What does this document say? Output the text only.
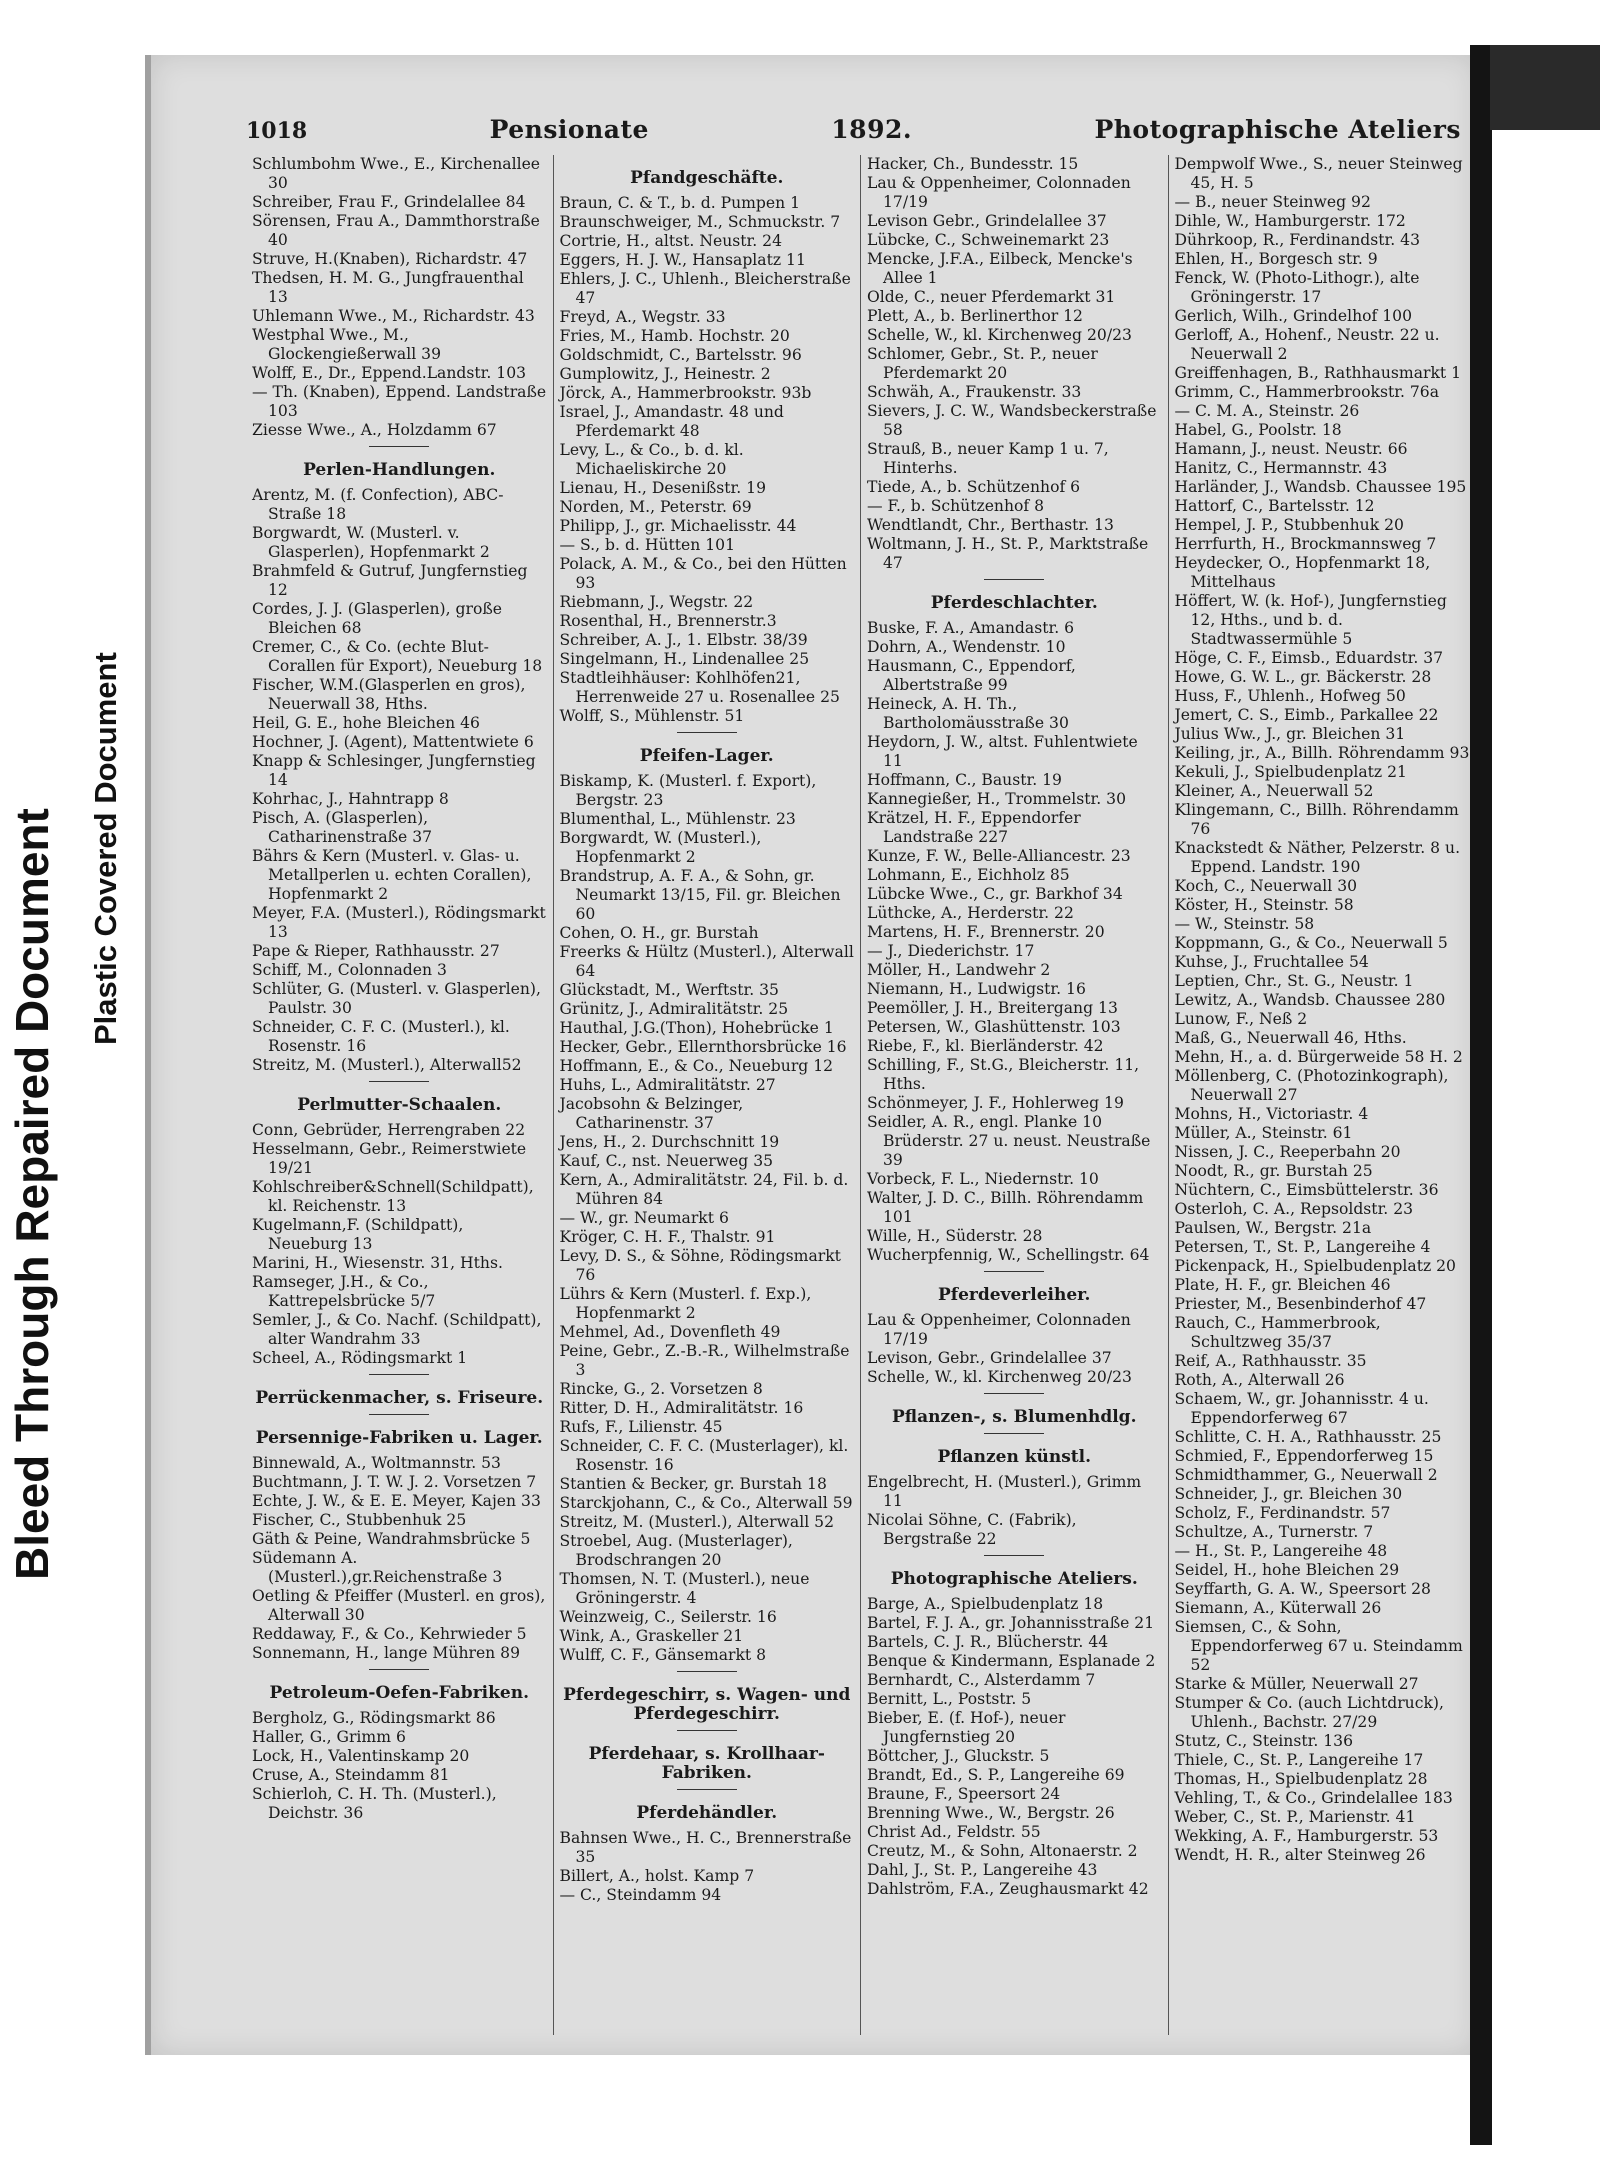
Bleed Through Repaired Document Plastic Covered Document
1018	Pensionate	1892.	Photographische Ateliers

Schlumbohm Wwe., E., Kirchenallee 30

Schreiber, Frau F., Grindelallee 84

Sörensen, Frau A., Dammthorstraße 40

Struve, H.(Knaben), Richardstr. 47

Thedsen, H. M. G., Jungfrauenthal 13

Uhlemann Wwe., M., Richardstr. 43

Westphal Wwe., M., Glockengießerwall 39

Wolff, E., Dr., Eppend.Landstr. 103

— Th. (Knaben), Eppend. Landstraße 103

Ziesse Wwe., A., Holzdamm 67

Perlen-Handlungen.

Arentz, M. (f. Confection), ABC-Straße 18

Borgwardt, W. (Musterl. v. Glasperlen), Hopfenmarkt 2

Brahmfeld & Gutruf, Jungfernstieg 12

Cordes, J. J. (Glasperlen), große Bleichen 68

Cremer, C., & Co. (echte Blut-Corallen für Export), Neueburg 18

Fischer, W.M.(Glasperlen en gros), Neuerwall 38, Hths.

Heil, G. E., hohe Bleichen 46

Hochner, J. (Agent), Mattentwiete 6

Knapp & Schlesinger, Jungfernstieg 14

Kohrhac, J., Hahntrapp 8

Pisch, A. (Glasperlen), Catharinenstraße 37

Bährs & Kern (Musterl. v. Glas- u. Metallperlen u. echten Corallen), Hopfenmarkt 2

Meyer, F.A. (Musterl.), Rödingsmarkt 13

Pape & Rieper, Rathhausstr. 27

Schiff, M., Colonnaden 3

Schlüter, G. (Musterl. v. Glasperlen), Paulstr. 30

Schneider, C. F. C. (Musterl.), kl. Rosenstr. 16

Streitz, M. (Musterl.), Alterwall52

Perlmutter-Schaalen.

Conn, Gebrüder, Herrengraben 22

Hesselmann, Gebr., Reimerstwiete 19/21

Kohlschreiber&Schnell(Schildpatt), kl. Reichenstr. 13

Kugelmann,F. (Schildpatt), Neueburg 13

Marini, H., Wiesenstr. 31, Hths.

Ramseger, J.H., & Co., Kattrepelsbrücke 5/7

Semler, J., & Co. Nachf. (Schildpatt), alter Wandrahm 33

Scheel, A., Rödingsmarkt 1

Perrückenmacher, s. Friseure.
Persennige-Fabriken u. Lager.

Binnewald, A., Woltmannstr. 53

Buchtmann, J. T. W. J. 2. Vorsetzen 7

Echte, J. W., & E. E. Meyer, Kajen 33

Fischer, C., Stubbenhuk 25

Gäth & Peine, Wandrahmsbrücke 5

Südemann A.(Musterl.),gr.Reichenstraße 3

Oetling & Pfeiffer (Musterl. en gros), Alterwall 30

Reddaway, F., & Co., Kehrwieder 5

Sonnemann, H., lange Mühren 89

Petroleum-Oefen-Fabriken.

Bergholz, G., Rödingsmarkt 86

Haller, G., Grimm 6

Lock, H., Valentinskamp 20

Cruse, A., Steindamm 81

Schierloh, C. H. Th. (Musterl.), Deichstr. 36

Pfandgeschäfte.

Braun, C. & T., b. d. Pumpen 1

Braunschweiger, M., Schmuckstr. 7

Cortrie, H., altst. Neustr. 24

Eggers, H. J. W., Hansaplatz 11

Ehlers, J. C., Uhlenh., Bleicherstraße 47

Freyd, A., Wegstr. 33

Fries, M., Hamb. Hochstr. 20

Goldschmidt, C., Bartelsstr. 96

Gumplowitz, J., Heinestr. 2

Jörck, A., Hammerbrookstr. 93b

Israel, J., Amandastr. 48 und Pferdemarkt 48

Levy, L., & Co., b. d. kl. Michaeliskirche 20

Lienau, H., Desenißstr. 19

Norden, M., Peterstr. 69

Philipp, J., gr. Michaelisstr. 44

— S., b. d. Hütten 101

Polack, A. M., & Co., bei den Hütten 93

Riebmann, J., Wegstr. 22

Rosenthal, H., Brennerstr.3

Schreiber, A. J., 1. Elbstr. 38/39

Singelmann, H., Lindenallee 25

Stadtleihhäuser: Kohlhöfen21, Herrenweide 27 u. Rosenallee 25

Wolff, S., Mühlenstr. 51

Pfeifen-Lager.

Biskamp, K. (Musterl. f. Export), Bergstr. 23

Blumenthal, L., Mühlenstr. 23

Borgwardt, W. (Musterl.), Hopfenmarkt 2

Brandstrup, A. F. A., & Sohn, gr. Neumarkt 13/15, Fil. gr. Bleichen 60

Cohen, O. H., gr. Burstah

Freerks & Hültz (Musterl.), Alterwall 64

Glückstadt, M., Werftstr. 35

Grünitz, J., Admiralitätstr. 25

Hauthal, J.G.(Thon), Hohebrücke 1

Hecker, Gebr., Ellernthorsbrücke 16

Hoffmann, E., & Co., Neueburg 12

Huhs, L., Admiralitätstr. 27

Jacobsohn & Belzinger, Catharinenstr. 37

Jens, H., 2. Durchschnitt 19

Kauf, C., nst. Neuerweg 35

Kern, A., Admiralitätstr. 24, Fil. b. d. Mühren 84

— W., gr. Neumarkt 6

Kröger, C. H. F., Thalstr. 91

Levy, D. S., & Söhne, Rödingsmarkt 76

Lührs & Kern (Musterl. f. Exp.), Hopfenmarkt 2

Mehmel, Ad., Dovenfleth 49

Peine, Gebr., Z.-B.-R., Wilhelmstraße 3

Rincke, G., 2. Vorsetzen 8

Ritter, D. H., Admiralitätstr. 16

Rufs, F., Lilienstr. 45

Schneider, C. F. C. (Musterlager), kl. Rosenstr. 16

Stantien & Becker, gr. Burstah 18

Starckjohann, C., & Co., Alterwall 59

Streitz, M. (Musterl.), Alterwall 52

Stroebel, Aug. (Musterlager), Brodschrangen 20

Thomsen, N. T. (Musterl.), neue Gröningerstr. 4

Weinzweig, C., Seilerstr. 16

Wink, A., Graskeller 21

Wulff, C. F., Gänsemarkt 8

Pferdegeschirr, s. Wagen- und Pferdegeschirr.
Pferdehaar, s. Krollhaar-Fabriken.
Pferdehändler.

Bahnsen Wwe., H. C., Brennerstraße 35

Billert, A., holst. Kamp 7

— C., Steindamm 94

Hacker, Ch., Bundesstr. 15

Lau & Oppenheimer, Colonnaden 17/19

Levison Gebr., Grindelallee 37

Lübcke, C., Schweinemarkt 23

Mencke, J.F.A., Eilbeck, Mencke's Allee 1

Olde, C., neuer Pferdemarkt 31

Plett, A., b. Berlinerthor 12

Schelle, W., kl. Kirchenweg 20/23

Schlomer, Gebr., St. P., neuer Pferdemarkt 20

Schwäh, A., Fraukenstr. 33

Sievers, J. C. W., Wandsbeckerstraße 58

Strauß, B., neuer Kamp 1 u. 7, Hinterhs.

Tiede, A., b. Schützenhof 6

— F., b. Schützenhof 8

Wendtlandt, Chr., Berthastr. 13

Woltmann, J. H., St. P., Marktstraße 47

Pferdeschlachter.

Buske, F. A., Amandastr. 6

Dohrn, A., Wendenstr. 10

Hausmann, C., Eppendorf, Albertstraße 99

Heineck, A. H. Th., Bartholomäusstraße 30

Heydorn, J. W., altst. Fuhlentwiete 11

Hoffmann, C., Baustr. 19

Kannegießer, H., Trommelstr. 30

Krätzel, H. F., Eppendorfer Landstraße 227

Kunze, F. W., Belle-Alliancestr. 23

Lohmann, E., Eichholz 85

Lübcke Wwe., C., gr. Barkhof 34

Lüthcke, A., Herderstr. 22

Martens, H. F., Brennerstr. 20

— J., Diederichstr. 17

Möller, H., Landwehr 2

Niemann, H., Ludwigstr. 16

Peemöller, J. H., Breitergang 13

Petersen, W., Glashüttenstr. 103

Riebe, F., kl. Bierländerstr. 42

Schilling, F., St.G., Bleicherstr. 11, Hths.

Schönmeyer, J. F., Hohlerweg 19

Seidler, A. R., engl. Planke 10 Brüderstr. 27 u. neust. Neustraße 39

Vorbeck, F. L., Niedernstr. 10

Walter, J. D. C., Billh. Röhrendamm 101

Wille, H., Süderstr. 28

Wucherpfennig, W., Schellingstr. 64

Pferdeverleiher.

Lau & Oppenheimer, Colonnaden 17/19

Levison, Gebr., Grindelallee 37

Schelle, W., kl. Kirchenweg 20/23

Pflanzen-, s. Blumenhdlg.
Pflanzen künstl.

Engelbrecht, H. (Musterl.), Grimm 11

Nicolai Söhne, C. (Fabrik), Bergstraße 22

Photographische Ateliers.

Barge, A., Spielbudenplatz 18

Bartel, F. J. A., gr. Johannisstraße 21

Bartels, C. J. R., Blücherstr. 44

Benque & Kindermann, Esplanade 2

Bernhardt, C., Alsterdamm 7

Bernitt, L., Poststr. 5

Bieber, E. (f. Hof-), neuer Jungfernstieg 20

Böttcher, J., Gluckstr. 5

Brandt, Ed., S. P., Langereihe 69

Braune, F., Speersort 24

Brenning Wwe., W., Bergstr. 26

Christ Ad., Feldstr. 55

Creutz, M., & Sohn, Altonaerstr. 2

Dahl, J., St. P., Langereihe 43

Dahlström, F.A., Zeughausmarkt 42

Dempwolf Wwe., S., neuer Steinweg 45, H. 5

— B., neuer Steinweg 92

Dihle, W., Hamburgerstr. 172

Dührkoop, R., Ferdinandstr. 43

Ehlen, H., Borgesch str. 9

Fenck, W. (Photo-Lithogr.), alte Gröningerstr. 17

Gerlich, Wilh., Grindelhof 100

Gerloff, A., Hohenf., Neustr. 22 u. Neuerwall 2

Greiffenhagen, B., Rathhausmarkt 1

Grimm, C., Hammerbrookstr. 76a

— C. M. A., Steinstr. 26

Habel, G., Poolstr. 18

Hamann, J., neust. Neustr. 66

Hanitz, C., Hermannstr. 43

Harländer, J., Wandsb. Chaussee 195

Hattorf, C., Bartelsstr. 12

Hempel, J. P., Stubbenhuk 20

Herrfurth, H., Brockmannsweg 7

Heydecker, O., Hopfenmarkt 18, Mittelhaus

Höffert, W. (k. Hof-), Jungfernstieg 12, Hths., und b. d. Stadtwassermühle 5

Höge, C. F., Eimsb., Eduardstr. 37

Howe, G. W. L., gr. Bäckerstr. 28

Huss, F., Uhlenh., Hofweg 50

Jemert, C. S., Eimb., Parkallee 22

Julius Ww., J., gr. Bleichen 31

Keiling, jr., A., Billh. Röhrendamm 93

Kekuli, J., Spielbudenplatz 21

Kleiner, A., Neuerwall 52

Klingemann, C., Billh. Röhrendamm 76

Knackstedt & Näther, Pelzerstr. 8 u. Eppend. Landstr. 190

Koch, C., Neuerwall 30

Köster, H., Steinstr. 58

— W., Steinstr. 58

Koppmann, G., & Co., Neuerwall 5

Kuhse, J., Fruchtallee 54

Leptien, Chr., St. G., Neustr. 1

Lewitz, A., Wandsb. Chaussee 280

Lunow, F., Neß 2

Maß, G., Neuerwall 46, Hths.

Mehn, H., a. d. Bürgerweide 58 H. 2

Möllenberg, C. (Photozinkograph), Neuerwall 27

Mohns, H., Victoriastr. 4

Müller, A., Steinstr. 61

Nissen, J. C., Reeperbahn 20

Noodt, R., gr. Burstah 25

Nüchtern, C., Eimsbüttelerstr. 36

Osterloh, C. A., Repsoldstr. 23

Paulsen, W., Bergstr. 21a

Petersen, T., St. P., Langereihe 4

Pickenpack, H., Spielbudenplatz 20

Plate, H. F., gr. Bleichen 46

Priester, M., Besenbinderhof 47

Rauch, C., Hammerbrook, Schultzweg 35/37

Reif, A., Rathhausstr. 35

Roth, A., Alterwall 26

Schaem, W., gr. Johannisstr. 4 u. Eppendorferweg 67

Schlitte, C. H. A., Rathhausstr. 25

Schmied, F., Eppendorferweg 15

Schmidthammer, G., Neuerwall 2

Schneider, J., gr. Bleichen 30

Scholz, F., Ferdinandstr. 57

Schultze, A., Turnerstr. 7

— H., St. P., Langereihe 48

Seidel, H., hohe Bleichen 29

Seyffarth, G. A. W., Speersort 28

Siemann, A., Küterwall 26

Siemsen, C., & Sohn, Eppendorferweg 67 u. Steindamm 52

Starke & Müller, Neuerwall 27

Stumper & Co. (auch Lichtdruck), Uhlenh., Bachstr. 27/29

Stutz, C., Steinstr. 136

Thiele, C., St. P., Langereihe 17

Thomas, H., Spielbudenplatz 28

Vehling, T., & Co., Grindelallee 183

Weber, C., St. P., Marienstr. 41

Wekking, A. F., Hamburgerstr. 53

Wendt, H. R., alter Steinweg 26
